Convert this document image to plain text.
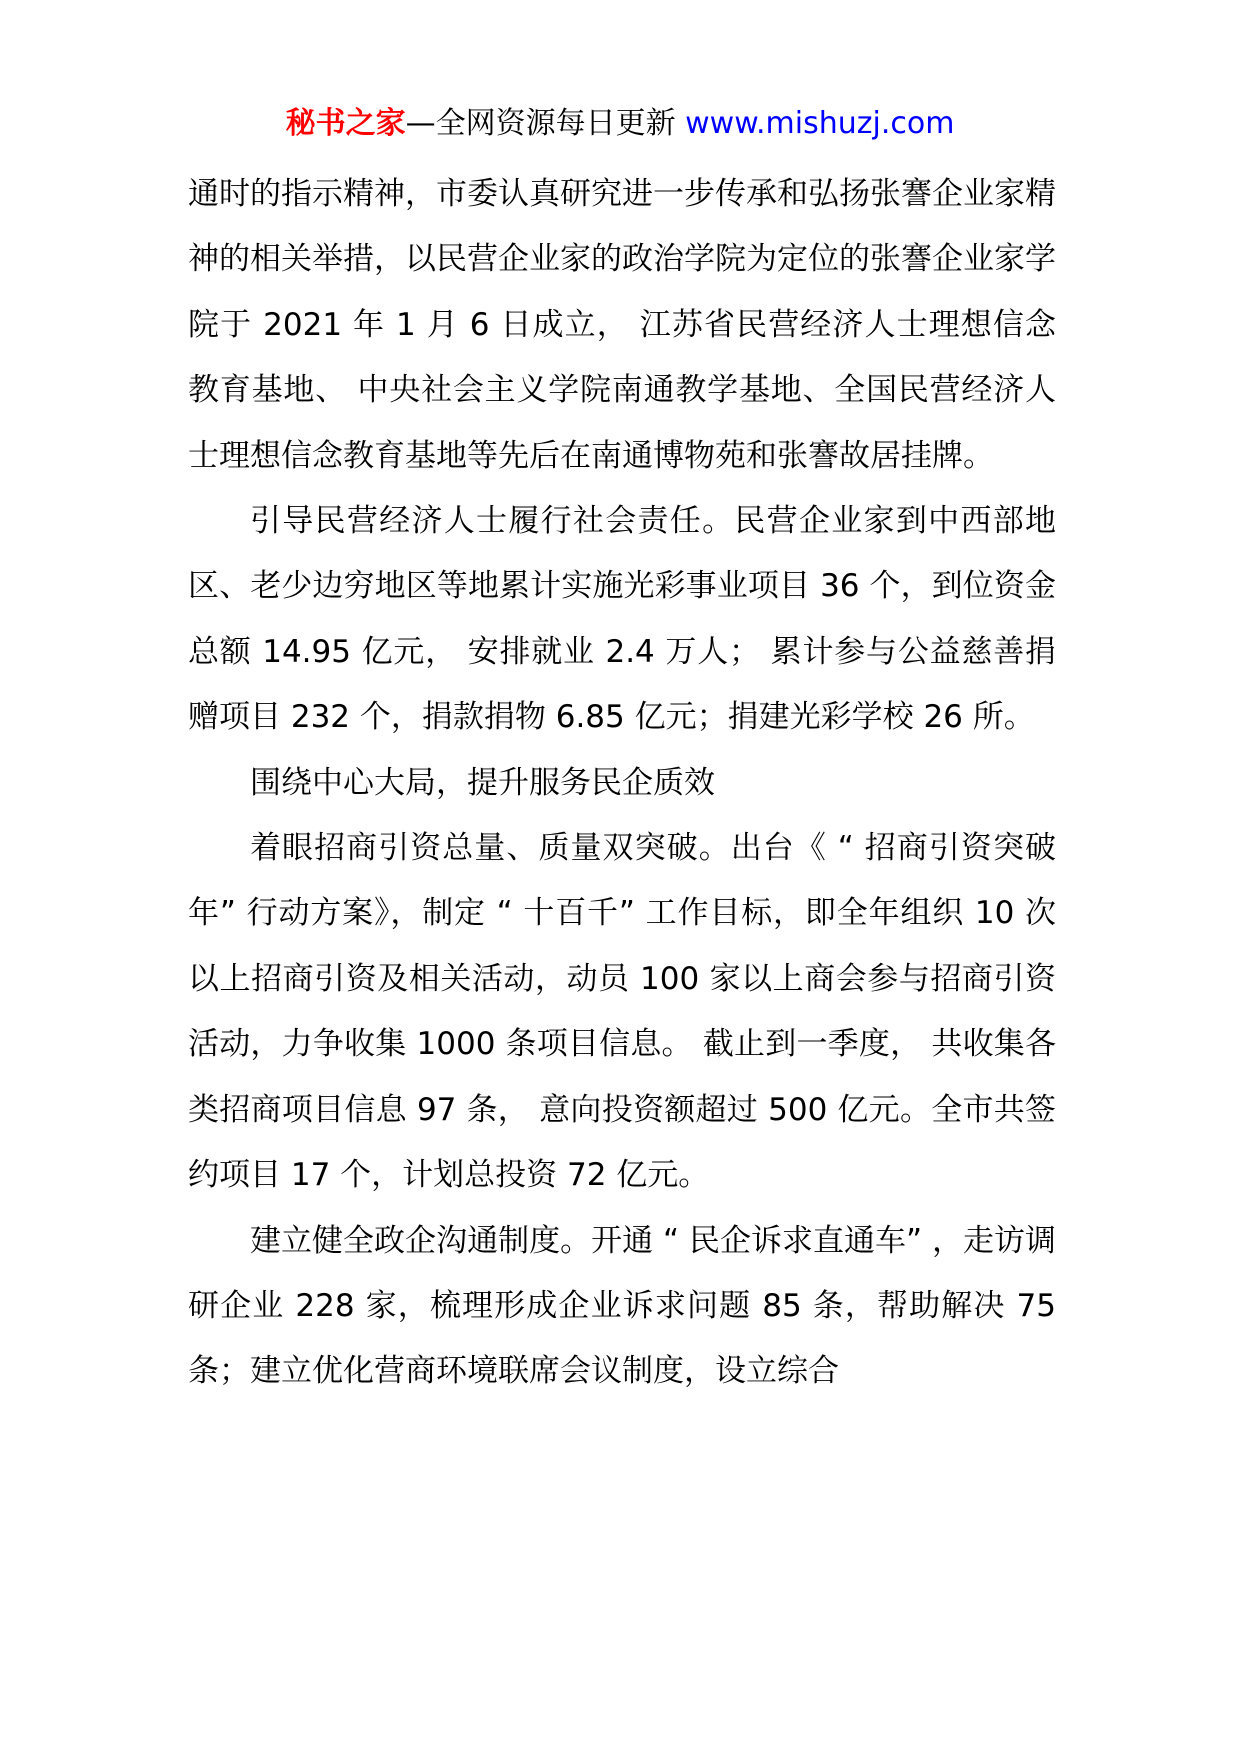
秘书之家—全网资源每日更新 www.mishuzj.com

通时的指示精神，市委认真研究进一步传承和弘扬张謇企业家精神的相关举措，以民营企业家的政治学院为定位的张謇企业家学院于 2021 年 1 月 6 日成立， 江苏省民营经济人士理想信念教育基地、 中央社会主义学院南通教学基地、全国民营经济人士理想信念教育基地等先后在南通博物苑和张謇故居挂牌。

引导民营经济人士履行社会责任。民营企业家到中西部地区、老少边穷地区等地累计实施光彩事业项目 36 个，到位资金总额 14.95 亿元， 安排就业 2.4 万人； 累计参与公益慈善捐赠项目 232 个，捐款捐物 6.85 亿元；捐建光彩学校 26 所。

围绕中心大局，提升服务民企质效

着眼招商引资总量、质量双突破。出台《 “ 招商引资突破年” 行动方案》，制定 “ 十百千” 工作目标，即全年组织 10 次以上招商引资及相关活动，动员 100 家以上商会参与招商引资活动，力争收集 1000 条项目信息。 截止到一季度， 共收集各类招商项目信息 97 条， 意向投资额超过 500 亿元。全市共签约项目 17 个，计划总投资 72 亿元。

建立健全政企沟通制度。开通 “ 民企诉求直通车” ，走访调研企业 228 家，梳理形成企业诉求问题 85 条，帮助解决 75 条；建立优化营商环境联席会议制度，设立综合
